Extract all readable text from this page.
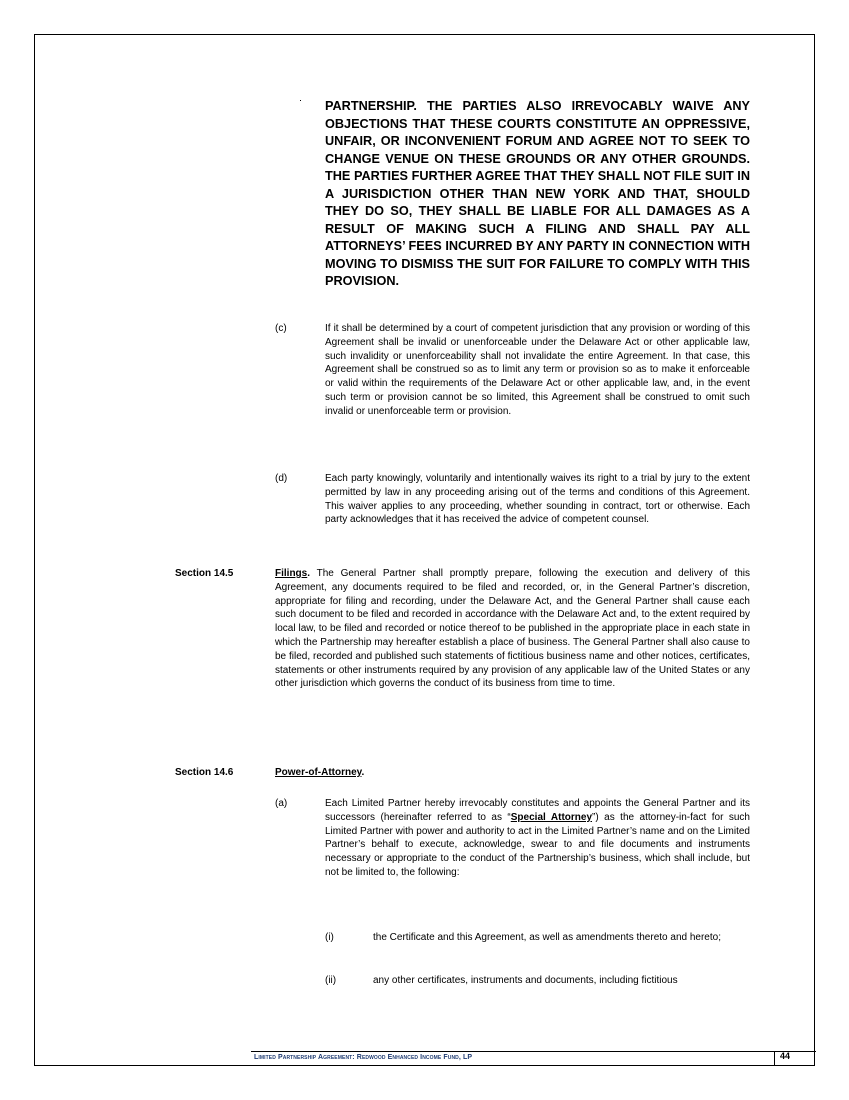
PARTNERSHIP. THE PARTIES ALSO IRREVOCABLY WAIVE ANY OBJECTIONS THAT THESE COURTS CONSTITUTE AN OPPRESSIVE, UNFAIR, OR INCONVENIENT FORUM AND AGREE NOT TO SEEK TO CHANGE VENUE ON THESE GROUNDS OR ANY OTHER GROUNDS. THE PARTIES FURTHER AGREE THAT THEY SHALL NOT FILE SUIT IN A JURISDICTION OTHER THAN NEW YORK AND THAT, SHOULD THEY DO SO, THEY SHALL BE LIABLE FOR ALL DAMAGES AS A RESULT OF MAKING SUCH A FILING AND SHALL PAY ALL ATTORNEYS’ FEES INCURRED BY ANY PARTY IN CONNECTION WITH MOVING TO DISMISS THE SUIT FOR FAILURE TO COMPLY WITH THIS PROVISION.
(c)	If it shall be determined by a court of competent jurisdiction that any provision or wording of this Agreement shall be invalid or unenforceable under the Delaware Act or other applicable law, such invalidity or unenforceability shall not invalidate the entire Agreement. In that case, this Agreement shall be construed so as to limit any term or provision so as to make it enforceable or valid within the requirements of the Delaware Act or other applicable law, and, in the event such term or provision cannot be so limited, this Agreement shall be construed to omit such invalid or unenforceable term or provision.
(d)	Each party knowingly, voluntarily and intentionally waives its right to a trial by jury to the extent permitted by law in any proceeding arising out of the terms and conditions of this Agreement. This waiver applies to any proceeding, whether sounding in contract, tort or otherwise. Each party acknowledges that it has received the advice of competent counsel.
Section 14.5	Filings. The General Partner shall promptly prepare, following the execution and delivery of this Agreement, any documents required to be filed and recorded, or, in the General Partner’s discretion, appropriate for filing and recording, under the Delaware Act, and the General Partner shall cause each such document to be filed and recorded in accordance with the Delaware Act and, to the extent required by local law, to be filed and recorded or notice thereof to be published in the appropriate place in each state in which the Partnership may hereafter establish a place of business. The General Partner shall also cause to be filed, recorded and published such statements of fictitious business name and other notices, certificates, statements or other instruments required by any provision of any applicable law of the United States or any other jurisdiction which governs the conduct of its business from time to time.
Section 14.6	Power-of-Attorney.
(a)	Each Limited Partner hereby irrevocably constitutes and appoints the General Partner and its successors (hereinafter referred to as “Special Attorney”) as the attorney-in-fact for such Limited Partner with power and authority to act in the Limited Partner’s name and on the Limited Partner’s behalf to execute, acknowledge, swear to and file documents and instruments necessary or appropriate to the conduct of the Partnership’s business, which shall include, but not be limited to, the following:
(i)	the Certificate and this Agreement, as well as amendments thereto and hereto;
(ii)	any other certificates, instruments and documents, including fictitious
Limited Partnership Agreement: Redwood Enhanced Income Fund, LP	44
